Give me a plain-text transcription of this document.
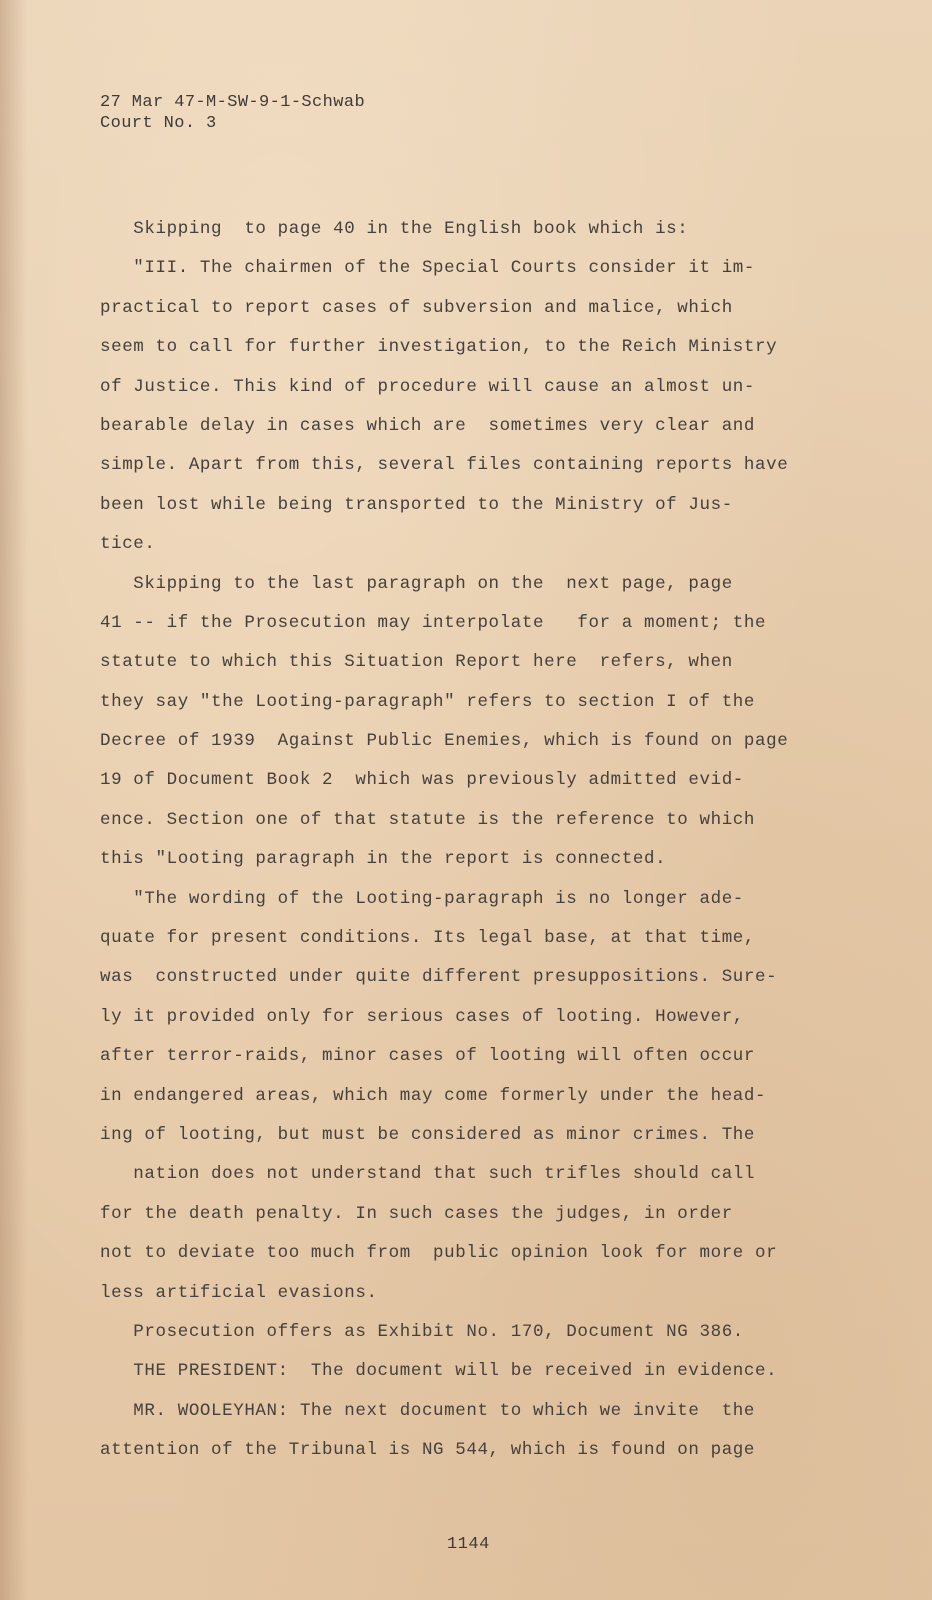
27 Mar 47-M-SW-9-1-Schwab
Court No. 3
Skipping  to page 40 in the English book which is:
"III. The chairmen of the Special Courts consider it im-
practical to report cases of subversion and malice, which
seem to call for further investigation, to the Reich Ministry
of Justice. This kind of procedure will cause an almost un-
bearable delay in cases which are  sometimes very clear and
simple. Apart from this, several files containing reports have
been lost while being transported to the Ministry of Jus-
tice.
Skipping to the last paragraph on the  next page, page
41 -- if the Prosecution may interpolate   for a moment; the
statute to which this Situation Report here  refers, when
they say "the Looting-paragraph" refers to section I of the
Decree of 1939  Against Public Enemies, which is found on page
19 of Document Book 2  which was previously admitted evid-
ence. Section one of that statute is the reference to which
this "Looting paragraph in the report is connected.
"The wording of the Looting-paragraph is no longer ade-
quate for present conditions. Its legal base, at that time,
was  constructed under quite different presuppositions. Sure-
ly it provided only for serious cases of looting. However,
after terror-raids, minor cases of looting will often occur
in endangered areas, which may come formerly under the head-
ing of looting, but must be considered as minor crimes. The
nation does not understand that such trifles should call
for the death penalty. In such cases the judges, in order
not to deviate too much from  public opinion look for more or
less artificial evasions.
Prosecution offers as Exhibit No. 170, Document NG 386.
THE PRESIDENT:  The document will be received in evidence.
MR. WOOLEYHAN: The next document to which we invite  the
attention of the Tribunal is NG 544, which is found on page
1144
